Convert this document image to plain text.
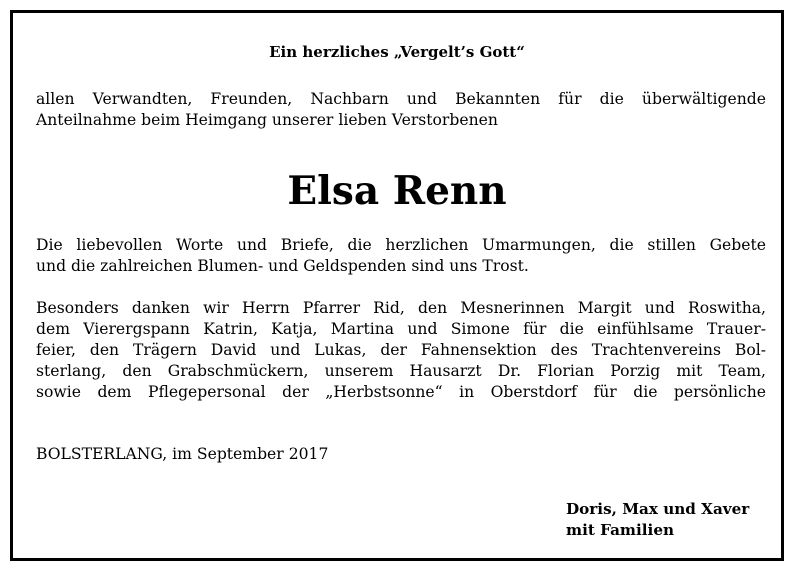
Ein herzliches „Vergelt’s Gott“
allen Verwandten, Freunden, Nachbarn und Bekannten für die überwältigende
Anteilnahme beim Heimgang unserer lieben Verstorbenen
Elsa Renn
Die liebevollen Worte und Briefe, die herzlichen Umarmungen, die stillen Gebete
und die zahlreichen Blumen- und Geldspenden sind uns Trost.
Besonders danken wir Herrn Pfarrer Rid, den Mesnerinnen Margit und Roswitha,
dem Vierergspann Katrin, Katja, Martina und Simone für die einfühlsame Trauer-
feier, den Trägern David und Lukas, der Fahnensektion des Trachtenvereins Bol-
sterlang, den Grabschmückern, unserem Hausarzt Dr. Florian Porzig mit Team,
sowie dem Pflegepersonal der „Herbstsonne“ in Oberstdorf für die persönliche
BOLSTERLANG, im September 2017
Doris, Max und Xaver
mit Familien
